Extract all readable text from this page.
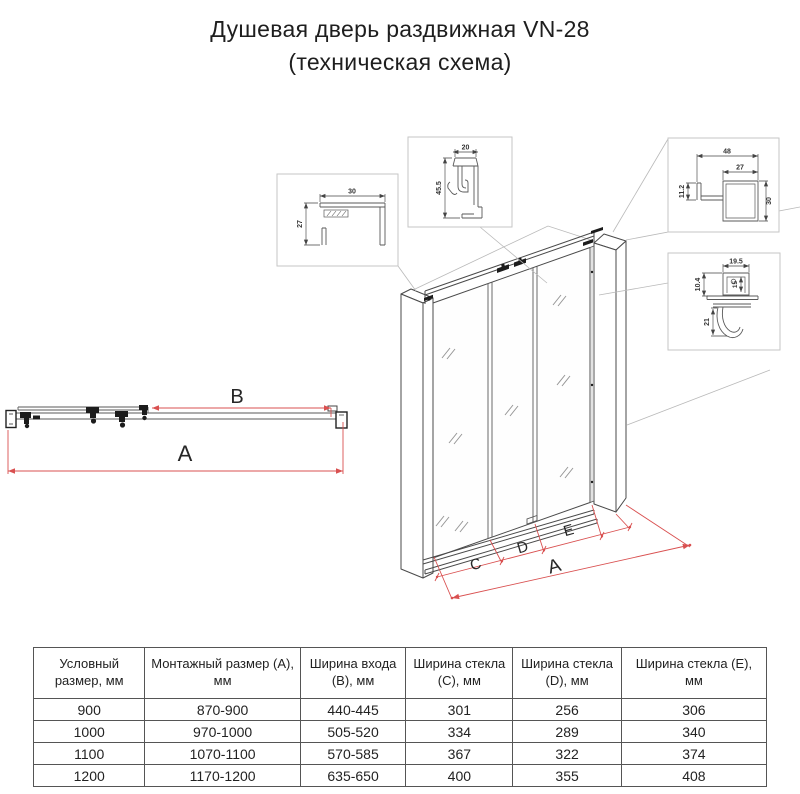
Душевая дверь раздвижная VN-28
(техническая схема)
C
D
E
A
B
A
30
27
20
45.5
48
27
11.2
30
19.5
15
10.4
21
Условный размер, мм	Монтажный размер (A), мм	Ширина входа (B), мм	Ширина стекла (C), мм	Ширина стекла (D), мм	Ширина стекла (E), мм
900	870-900	440-445	301	256	306
1000	970-1000	505-520	334	289	340
1100	1070-1100	570-585	367	322	374
1200	1170-1200	635-650	400	355	408
